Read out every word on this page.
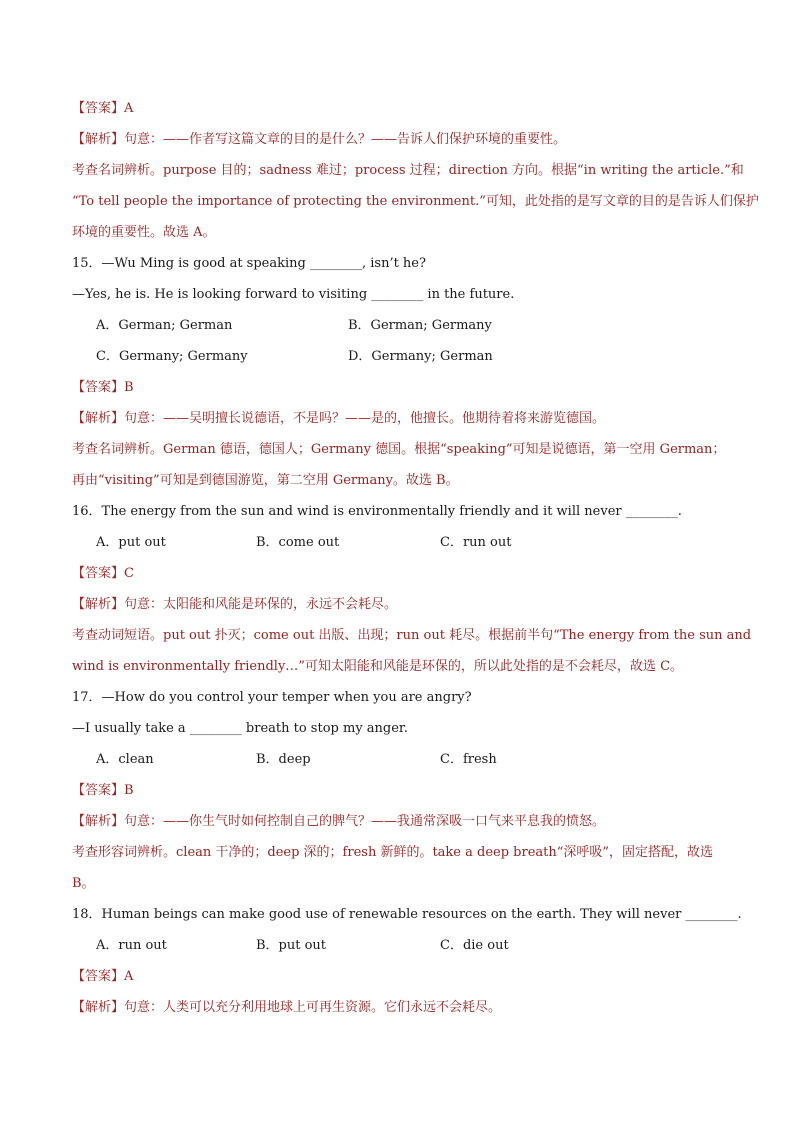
【答案】A
【解析】句意：——作者写这篇文章的目的是什么？——告诉人们保护环境的重要性。
考查名词辨析。purpose 目的；sadness 难过；process 过程；direction 方向。根据“in writing the article.”和
“To tell people the importance of protecting the environment.”可知，此处指的是写文章的目的是告诉人们保护
环境的重要性。故选 A。
15．—Wu Ming is good at speaking ________, isn’t he?
—Yes, he is. He is looking forward to visiting ________ in the future.
A．German; German	B．German; Germany
C．Germany; Germany	D．Germany; German
【答案】B
【解析】句意：——吴明擅长说德语，不是吗？——是的，他擅长。他期待着将来游览德国。
考查名词辨析。German 德语，德国人；Germany 德国。根据“speaking”可知是说德语，第一空用 German；
再由“visiting”可知是到德国游览，第二空用 Germany。故选 B。
16．The energy from the sun and wind is environmentally friendly and it will never ________.
A．put out	B．come out	C．run out
【答案】C
【解析】句意：太阳能和风能是环保的，永远不会耗尽。
考查动词短语。put out 扑灭；come out 出版、出现；run out 耗尽。根据前半句“The energy from the sun and
wind is environmentally friendly…”可知太阳能和风能是环保的，所以此处指的是不会耗尽，故选 C。
17．—How do you control your temper when you are angry?
—I usually take a ________ breath to stop my anger.
A．clean	B．deep	C．fresh
【答案】B
【解析】句意：——你生气时如何控制自己的脾气？——我通常深吸一口气来平息我的愤怒。
考查形容词辨析。clean 干净的；deep 深的；fresh 新鲜的。take a deep breath“深呼吸”，固定搭配，故选
B。
18．Human beings can make good use of renewable resources on the earth. They will never ________.
A．run out	B．put out	C．die out
【答案】A
【解析】句意：人类可以充分利用地球上可再生资源。它们永远不会耗尽。
